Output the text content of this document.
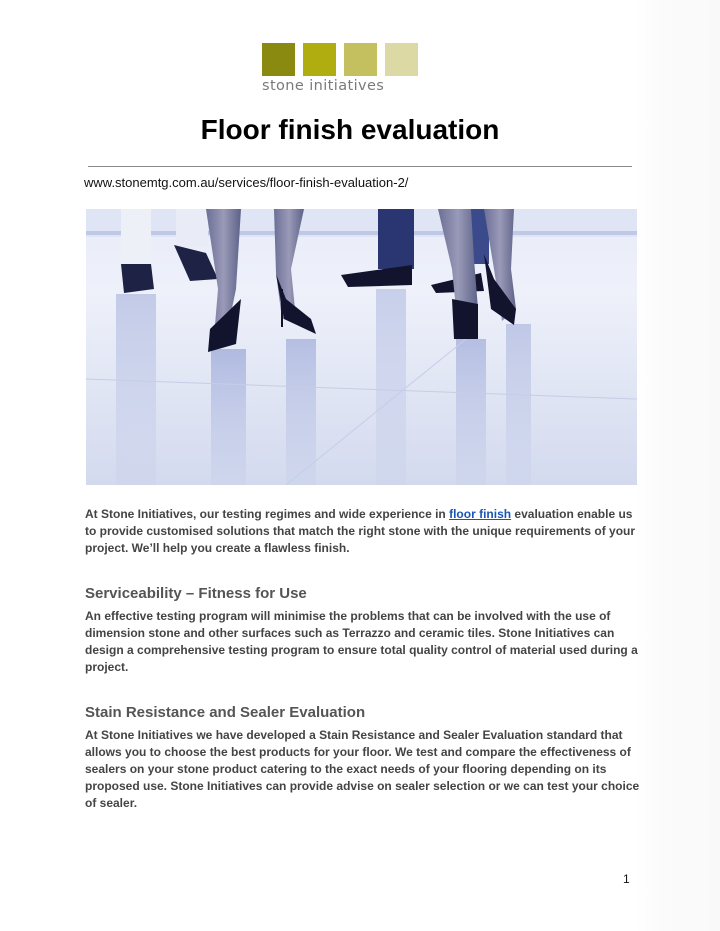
stone initiatives
Floor finish evaluation
www.stonemtg.com.au/services/floor-finish-evaluation-2/

At Stone Initiatives, our testing regimes and wide experience in floor finish evaluation enable us to provide customised solutions that match the right stone with the unique requirements of your project. We’ll help you create a flawless finish.

Serviceability – Fitness for Use

An effective testing program will minimise the problems that can be involved with the use of dimension stone and other surfaces such as Terrazzo and ceramic tiles. Stone Initiatives can design a comprehensive testing program to ensure total quality control of material used during a project.

Stain Resistance and Sealer Evaluation

At Stone Initiatives we have developed a Stain Resistance and Sealer Evaluation standard that allows you to choose the best products for your floor. We test and compare the effectiveness of sealers on your stone product catering to the exact needs of your flooring depending on its proposed use. Stone Initiatives can provide advise on sealer selection or we can test your choice of sealer.

1
